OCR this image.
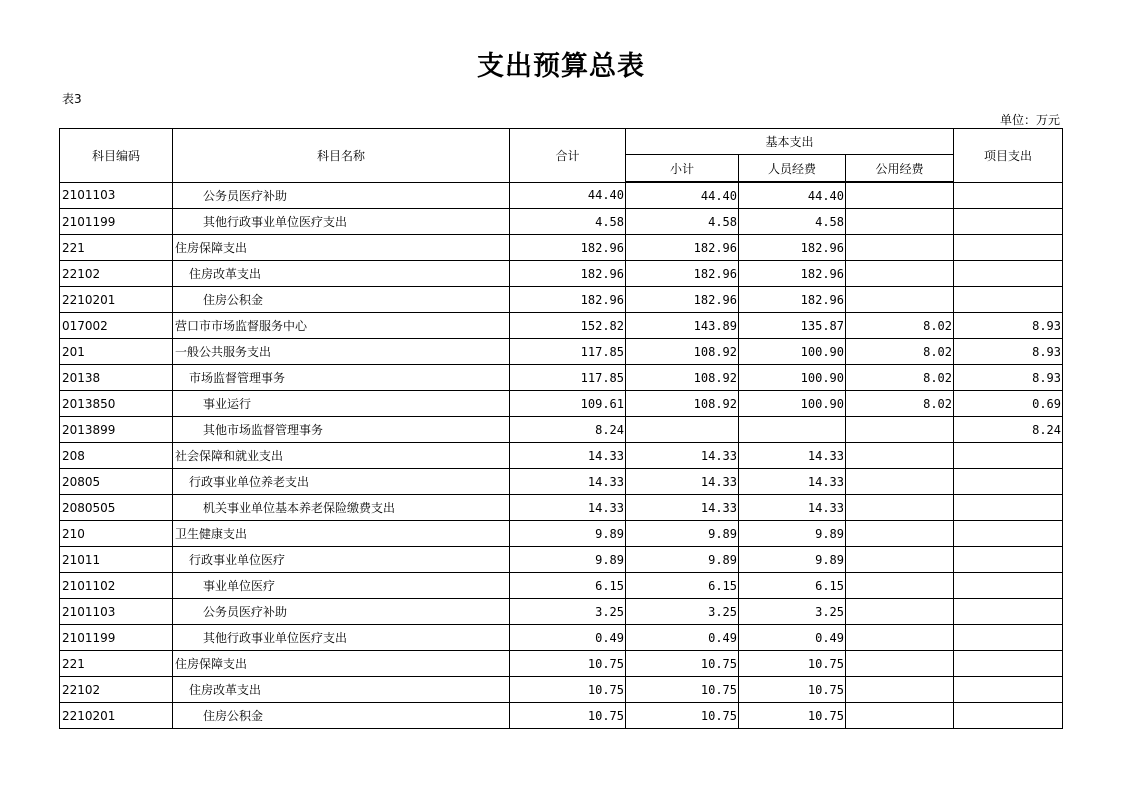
支出预算总表
表3
单位：万元
科目编码	科目名称	合计	基本支出			项目支出
			小计	人员经费	公用经费	
2101103	公务员医疗补助	44.40	44.40	44.40		
2101199	其他行政事业单位医疗支出	4.58	4.58	4.58		
221	住房保障支出	182.96	182.96	182.96		
22102	住房改革支出	182.96	182.96	182.96		
2210201	住房公积金	182.96	182.96	182.96		
017002	营口市市场监督服务中心	152.82	143.89	135.87	8.02	8.93
201	一般公共服务支出	117.85	108.92	100.90	8.02	8.93
20138	市场监督管理事务	117.85	108.92	100.90	8.02	8.93
2013850	事业运行	109.61	108.92	100.90	8.02	0.69
2013899	其他市场监督管理事务	8.24				8.24
208	社会保障和就业支出	14.33	14.33	14.33		
20805	行政事业单位养老支出	14.33	14.33	14.33		
2080505	机关事业单位基本养老保险缴费支出	14.33	14.33	14.33		
210	卫生健康支出	9.89	9.89	9.89		
21011	行政事业单位医疗	9.89	9.89	9.89		
2101102	事业单位医疗	6.15	6.15	6.15		
2101103	公务员医疗补助	3.25	3.25	3.25		
2101199	其他行政事业单位医疗支出	0.49	0.49	0.49		
221	住房保障支出	10.75	10.75	10.75		
22102	住房改革支出	10.75	10.75	10.75		
2210201	住房公积金	10.75	10.75	10.75		
